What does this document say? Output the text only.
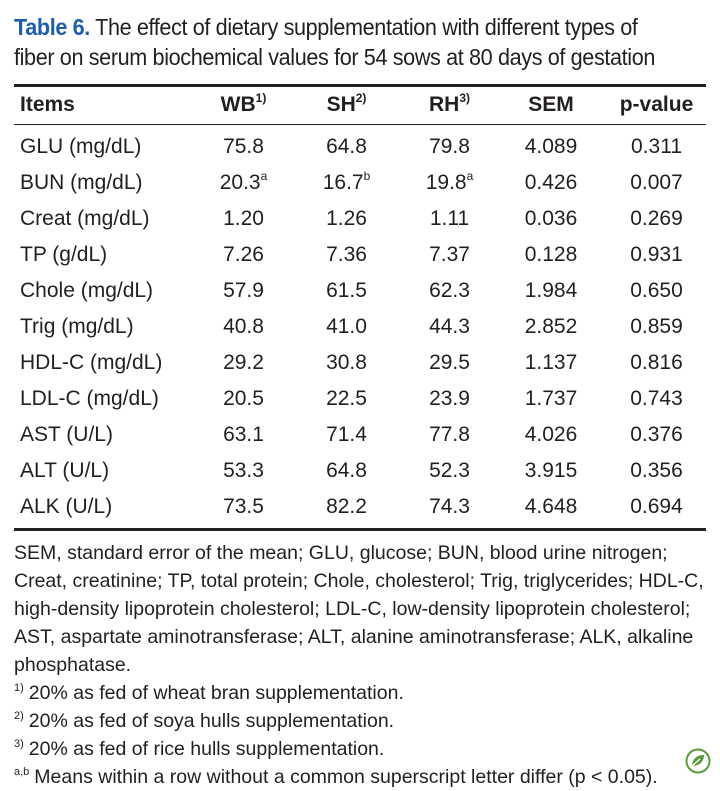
Table 6. The effect of dietary supplementation with different types of fiber on serum biochemical values for 54 sows at 80 days of gestation
Items	WB$^{1)}$	SH$^{2)}$	RH$^{3)}$	SEM	p-value
GLU (mg/dL)	75.8	64.8	79.8	4.089	0.311
BUN (mg/dL)	20.3$^a$	16.7$^b$	19.8$^a$	0.426	0.007
Creat (mg/dL)	1.20	1.26	1.11	0.036	0.269
TP (g/dL)	7.26	7.36	7.37	0.128	0.931
Chole (mg/dL)	57.9	61.5	62.3	1.984	0.650
Trig (mg/dL)	40.8	41.0	44.3	2.852	0.859
HDL-C (mg/dL)	29.2	30.8	29.5	1.137	0.816
LDL-C (mg/dL)	20.5	22.5	23.9	1.737	0.743
AST (U/L)	63.1	71.4	77.8	4.026	0.376
ALT (U/L)	53.3	64.8	52.3	3.915	0.356
ALK (U/L)	73.5	82.2	74.3	4.648	0.694

SEM, standard error of the mean; GLU, glucose; BUN, blood urine nitrogen; Creat, creatinine; TP, total protein; Chole, cholesterol; Trig, triglycerides; HDL-C, high-density lipoprotein cholesterol; LDL-C, low-density lipoprotein cholesterol; AST, aspartate aminotransferase; ALT, alanine aminotransferase; ALK, alkaline phosphatase.

$^{1)}$ 20% as fed of wheat bran supplementation.

$^{2)}$ 20% as fed of soya hulls supplementation.

$^{3)}$ 20% as fed of rice hulls supplementation.

$^{a,b}$ Means within a row without a common superscript letter differ (p < 0.05).
